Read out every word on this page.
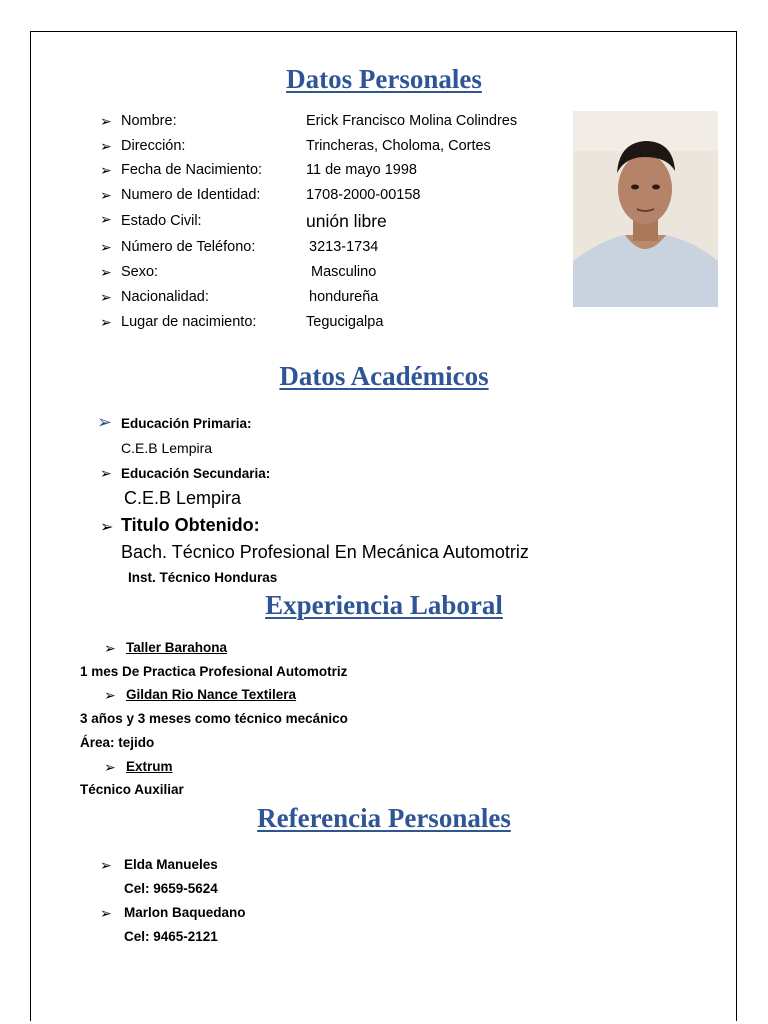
Datos Personales
➢ Nombre:	Erick Francisco Molina Colindres
➢ Dirección:	Trincheras, Choloma, Cortes
➢ Fecha de Nacimiento:	11 de mayo 1998
➢ Numero de Identidad:	1708-2000-00158
➢ Estado Civil:	unión libre
➢ Número de Teléfono:	3213-1734
➢ Sexo:	Masculino
➢ Nacionalidad:	hondureña
➢ Lugar de nacimiento:	Tegucigalpa
Datos Académicos
➢ Educación Primaria:
C.E.B Lempira
➢ Educación Secundaria:
C.E.B Lempira
➢ Titulo Obtenido:
Bach. Técnico Profesional En Mecánica Automotriz
Inst. Técnico Honduras
Experiencia Laboral
➢ Taller Barahona
1 mes De Practica Profesional Automotriz
➢ Gildan Rio Nance Textilera
3 años y 3 meses como técnico mecánico
Área: tejido
➢ Extrum
Técnico Auxiliar
Referencia Personales
➢ Elda Manueles
Cel: 9659-5624
➢ Marlon Baquedano
Cel: 9465-2121
